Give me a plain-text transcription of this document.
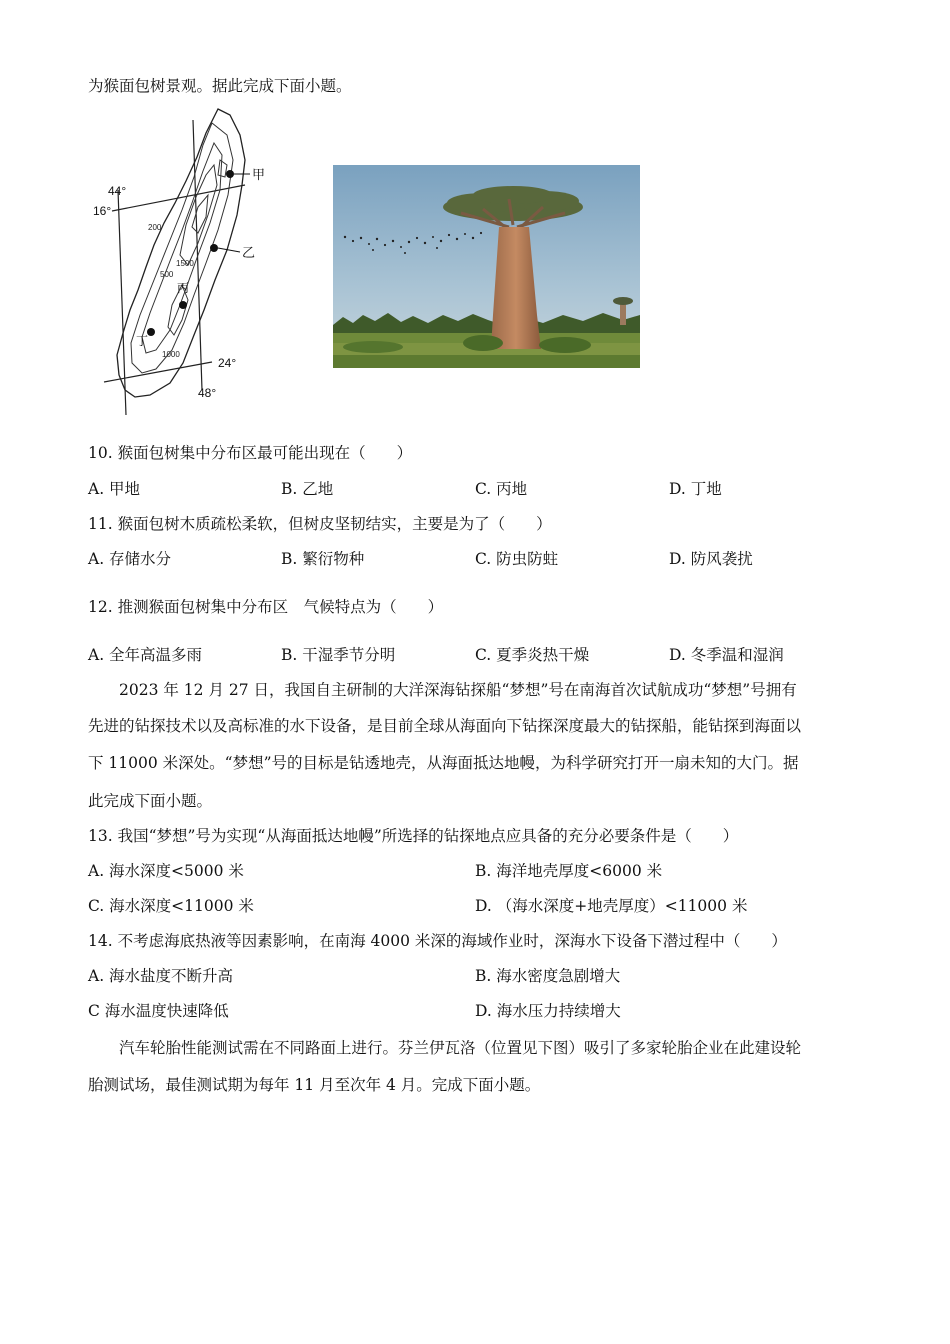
为猴面包树景观。据此完成下面小题。
200
1500
500
1000
44°
16°
24°
48°
甲
乙
丙
丁
10. 猴面包树集中分布区最可能出现在（　　）
A. 甲地	B. 乙地	C. 丙地	D. 丁地
11. 猴面包树木质疏松柔软，但树皮坚韧结实，主要是为了（　　）
A. 存储水分	B. 繁衍物种	C. 防虫防蛀	D. 防风袭扰
12. 推测猴面包树集中分布区　气候特点为（　　）
A. 全年高温多雨	B. 干湿季节分明	C. 夏季炎热干燥	D. 冬季温和湿润
2023 年 12 月 27 日，我国自主研制的大洋深海钻探船“梦想”号在南海首次试航成功“梦想”号拥有
先进的钻探技术以及高标准的水下设备，是目前全球从海面向下钻探深度最大的钻探船，能钻探到海面以
下 11000 米深处。“梦想”号的目标是钻透地壳，从海面抵达地幔，为科学研究打开一扇未知的大门。据
此完成下面小题。
13. 我国“梦想”号为实现“从海面抵达地幔”所选择的钻探地点应具备的充分必要条件是（　　）
A. 海水深度<5000 米	B. 海洋地壳厚度<6000 米
C. 海水深度<11000 米	D. （海水深度+地壳厚度）<11000 米
14. 不考虑海底热液等因素影响，在南海 4000 米深的海域作业时，深海水下设备下潜过程中（　　）
A. 海水盐度不断升高	B. 海水密度急剧增大
C 海水温度快速降低	D. 海水压力持续增大
汽车轮胎性能测试需在不同路面上进行。芬兰伊瓦洛（位置见下图）吸引了多家轮胎企业在此建设轮
胎测试场，最佳测试期为每年 11 月至次年 4 月。完成下面小题。
